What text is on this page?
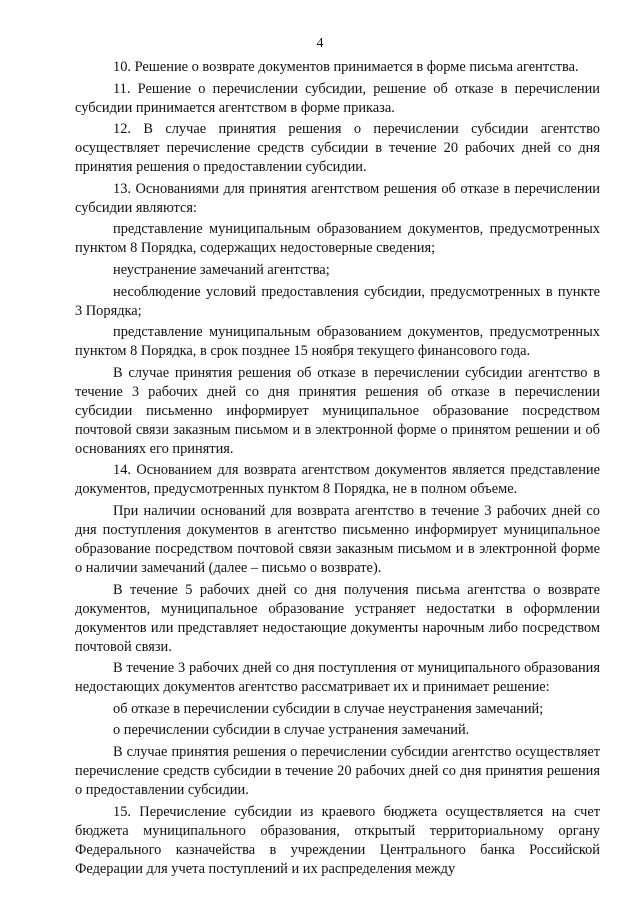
4

10. Решение о возврате документов принимается в форме письма агентства.

11. Решение о перечислении субсидии, решение об отказе в перечислении субсидии принимается агентством в форме приказа.

12. В случае принятия решения о перечислении субсидии агентство осуществляет перечисление средств субсидии в течение 20 рабочих дней со дня принятия решения о предоставлении субсидии.

13. Основаниями для принятия агентством решения об отказе в перечислении субсидии являются:

представление муниципальным образованием документов, предусмотренных пунктом 8 Порядка, содержащих недостоверные сведения;

неустранение замечаний агентства;

несоблюдение условий предоставления субсидии, предусмотренных в пункте 3 Порядка;

представление муниципальным образованием документов, предусмотренных пунктом 8 Порядка, в срок позднее 15 ноября текущего финансового года.

В случае принятия решения об отказе в перечислении субсидии агентство в течение 3 рабочих дней со дня принятия решения об отказе в перечислении субсидии письменно информирует муниципальное образование посредством почтовой связи заказным письмом и в электронной форме о принятом решении и об основаниях его принятия.

14. Основанием для возврата агентством документов является представление документов, предусмотренных пунктом 8 Порядка, не в полном объеме.

При наличии оснований для возврата агентство в течение 3 рабочих дней со дня поступления документов в агентство письменно информирует муниципальное образование посредством почтовой связи заказным письмом и в электронной форме о наличии замечаний (далее – письмо о возврате).

В течение 5 рабочих дней со дня получения письма агентства о возврате документов, муниципальное образование устраняет недостатки в оформлении документов или представляет недостающие документы нарочным либо посредством почтовой связи.

В течение 3 рабочих дней со дня поступления от муниципального образования недостающих документов агентство рассматривает их и принимает решение:

об отказе в перечислении субсидии в случае неустранения замечаний;

о перечислении субсидии в случае устранения замечаний.

В случае принятия решения о перечислении субсидии агентство осуществляет перечисление средств субсидии в течение 20 рабочих дней со дня принятия решения о предоставлении субсидии.

15. Перечисление субсидии из краевого бюджета осуществляется на счет бюджета муниципального образования, открытый территориальному органу Федерального казначейства в учреждении Центрального банка Российской Федерации для учета поступлений и их распределения между
